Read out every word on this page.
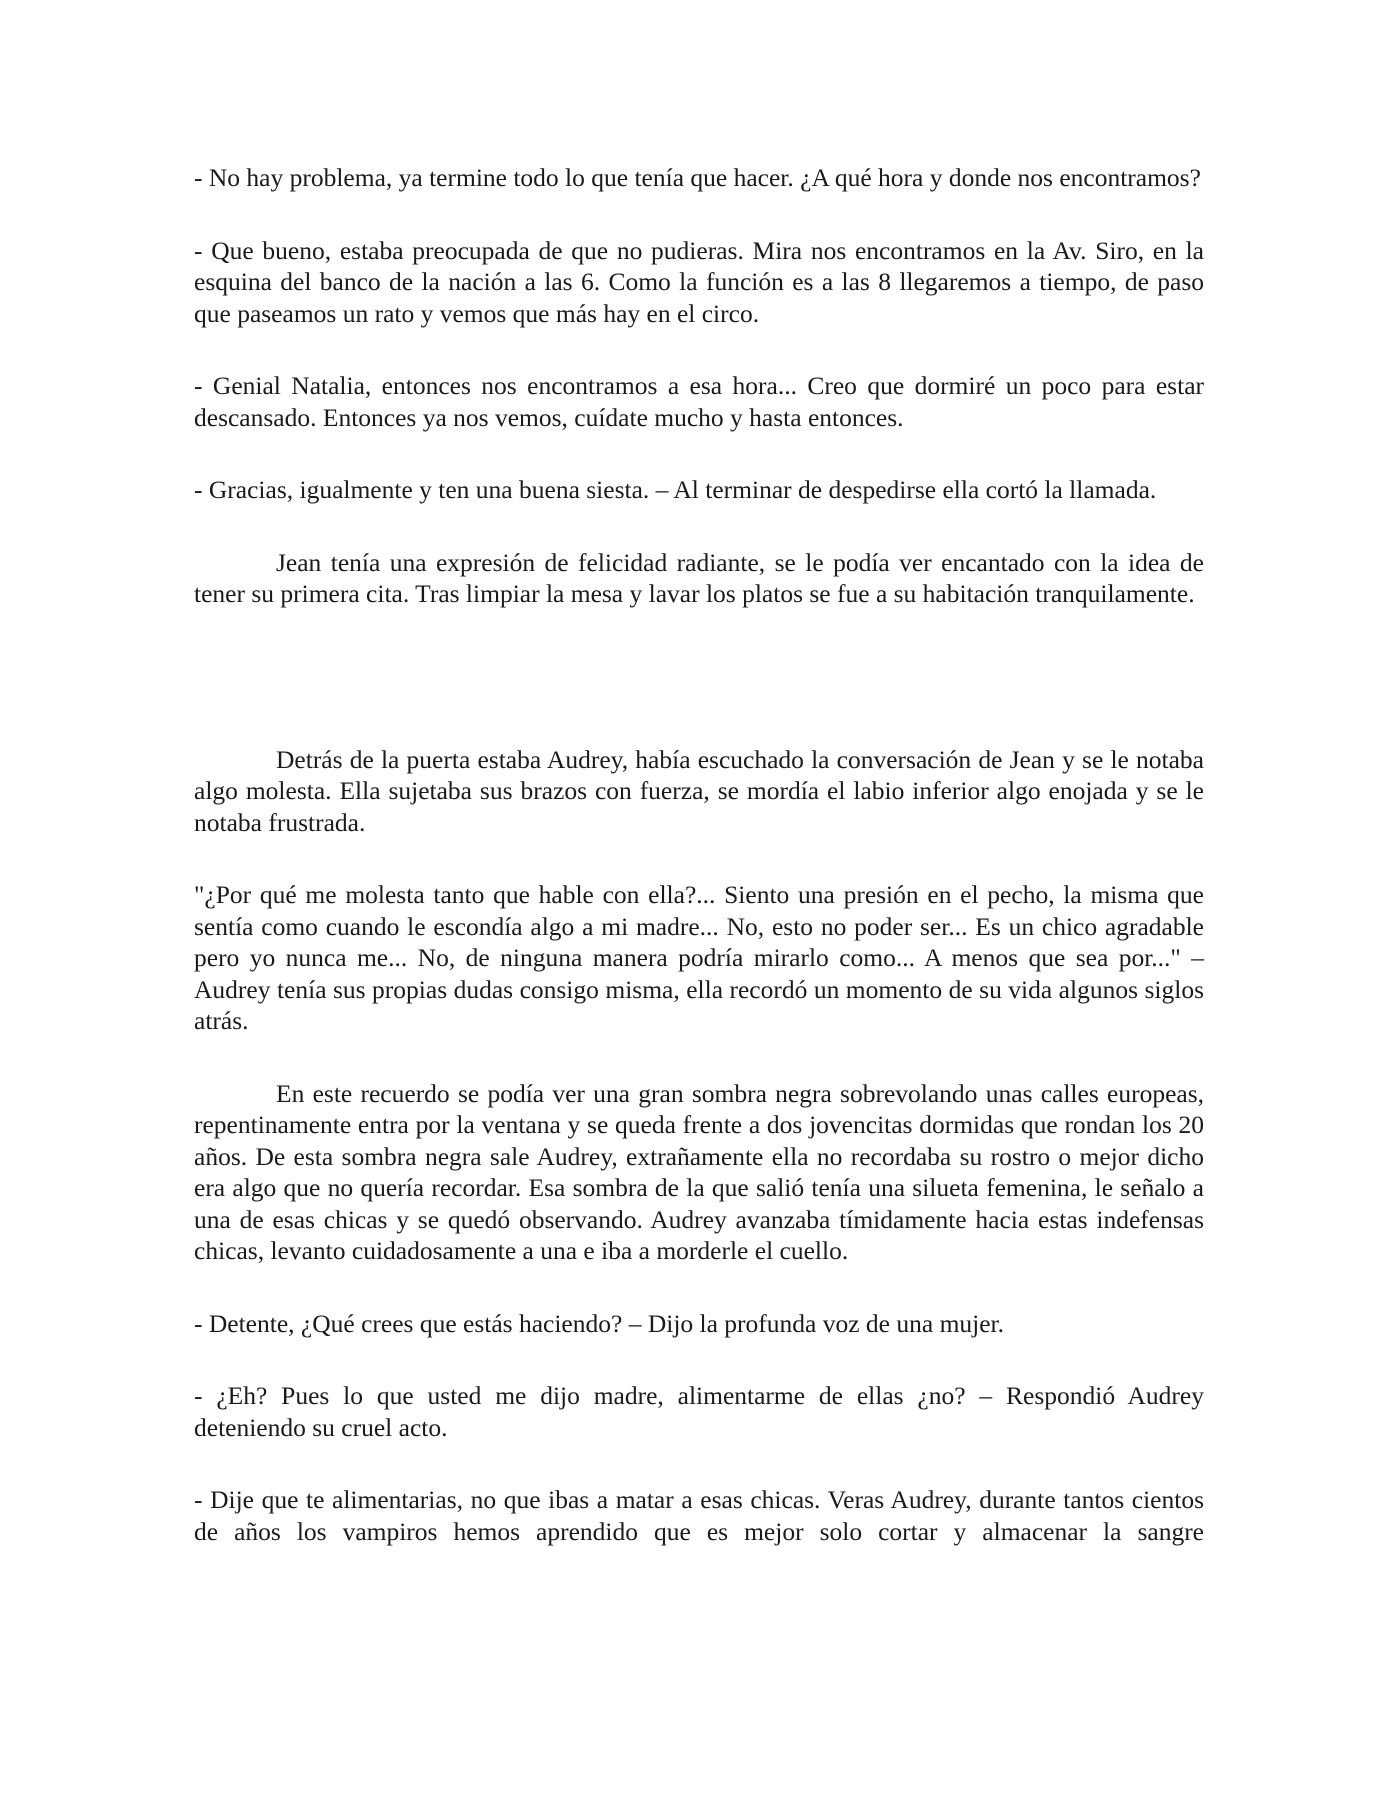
- No hay problema, ya termine todo lo que tenía que hacer. ¿A qué hora y donde nos encontramos?

- Que bueno, estaba preocupada de que no pudieras. Mira nos encontramos en la Av. Siro, en la esquina del banco de la nación a las 6. Como la función es a las 8 llegaremos a tiempo, de paso que paseamos un rato y vemos que más hay en el circo.

- Genial Natalia, entonces nos encontramos a esa hora... Creo que dormiré un poco para estar descansado. Entonces ya nos vemos, cuídate mucho y hasta entonces.

- Gracias, igualmente y ten una buena siesta. – Al terminar de despedirse ella cortó la llamada.

Jean tenía una expresión de felicidad radiante, se le podía ver encantado con la idea de tener su primera cita. Tras limpiar la mesa y lavar los platos se fue a su habitación tranquilamente.

Detrás de la puerta estaba Audrey, había escuchado la conversación de Jean y se le notaba algo molesta. Ella sujetaba sus brazos con fuerza, se mordía el labio inferior algo enojada y se le notaba frustrada.

"¿Por qué me molesta tanto que hable con ella?... Siento una presión en el pecho, la misma que sentía como cuando le escondía algo a mi madre... No, esto no poder ser... Es un chico agradable pero yo nunca me... No, de ninguna manera podría mirarlo como... A menos que sea por..." – Audrey tenía sus propias dudas consigo misma, ella recordó un momento de su vida algunos siglos atrás.

En este recuerdo se podía ver una gran sombra negra sobrevolando unas calles europeas, repentinamente entra por la ventana y se queda frente a dos jovencitas dormidas que rondan los 20 años. De esta sombra negra sale Audrey, extrañamente ella no recordaba su rostro o mejor dicho era algo que no quería recordar. Esa sombra de la que salió tenía una silueta femenina, le señalo a una de esas chicas y se quedó observando. Audrey avanzaba tímidamente hacia estas indefensas chicas, levanto cuidadosamente a una e iba a morderle el cuello.

- Detente, ¿Qué crees que estás haciendo? – Dijo la profunda voz de una mujer.

- ¿Eh? Pues lo que usted me dijo madre, alimentarme de ellas ¿no? – Respondió Audrey deteniendo su cruel acto.

- Dije que te alimentarias, no que ibas a matar a esas chicas. Veras Audrey, durante tantos cientos de años los vampiros hemos aprendido que es mejor solo cortar y almacenar la sangre
